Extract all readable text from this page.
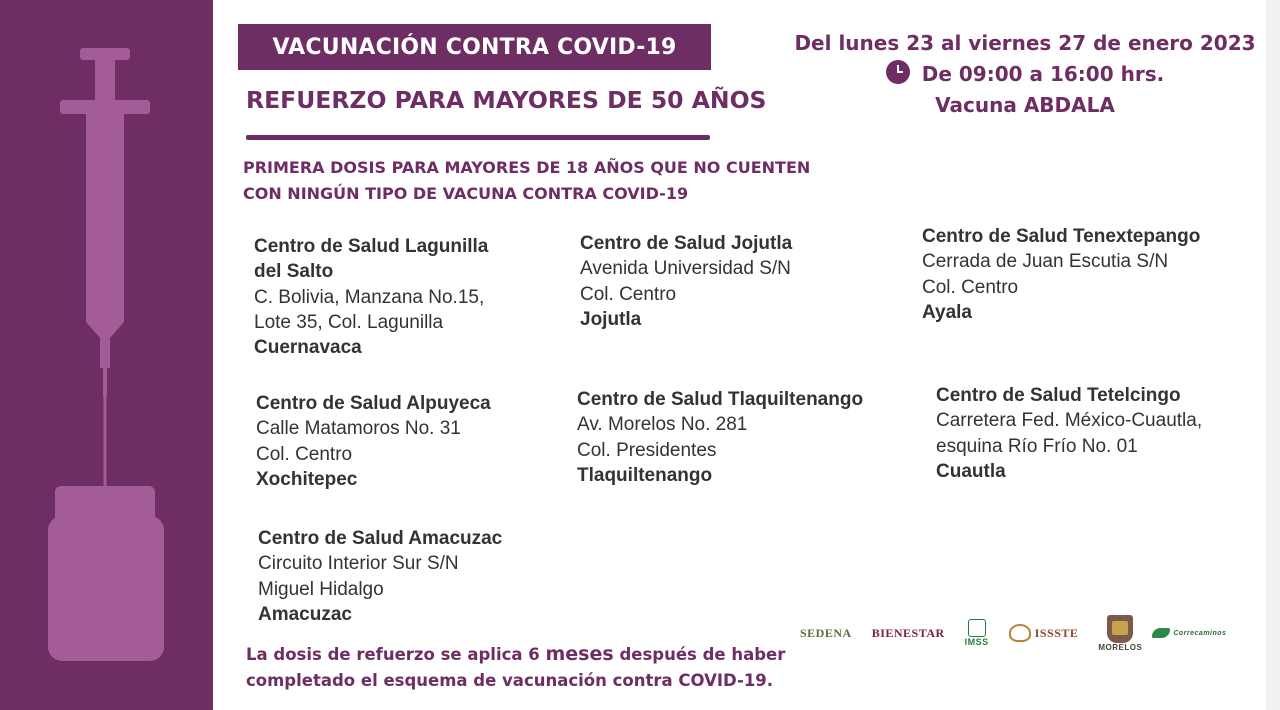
VACUNACIÓN CONTRA COVID-19
REFUERZO PARA MAYORES DE 50 AÑOS
PRIMERA DOSIS PARA MAYORES DE 18 AÑOS QUE NO CUENTEN
CON NINGÚN TIPO DE VACUNA CONTRA COVID-19
Del lunes 23 al viernes 27 de enero 2023
De 09:00 a 16:00 hrs.
Vacuna ABDALA
Centro de Salud Lagunilla
del Salto
C. Bolivia, Manzana No.15,
Lote 35, Col. Lagunilla
Cuernavaca
Centro de Salud Jojutla
Avenida Universidad S/N
Col. Centro
Jojutla
Centro de Salud Tenextepango
Cerrada de Juan Escutia S/N
Col. Centro
Ayala
Centro de Salud Alpuyeca
Calle Matamoros No. 31
Col. Centro
Xochitepec
Centro de Salud Tlaquiltenango
Av. Morelos No. 281
Col. Presidentes
Tlaquiltenango
Centro de Salud Tetelcingo
Carretera Fed. México-Cuautla,
esquina Río Frío No. 01
Cuautla
Centro de Salud Amacuzac
Circuito Interior Sur S/N
Miguel Hidalgo
Amacuzac
La dosis de refuerzo se aplica 6 meses después de haber
completado el esquema de vacunación contra COVID-19.
SEDENA BIENESTAR
IMSS
ISSSTE
MORELOS
Correcaminos
